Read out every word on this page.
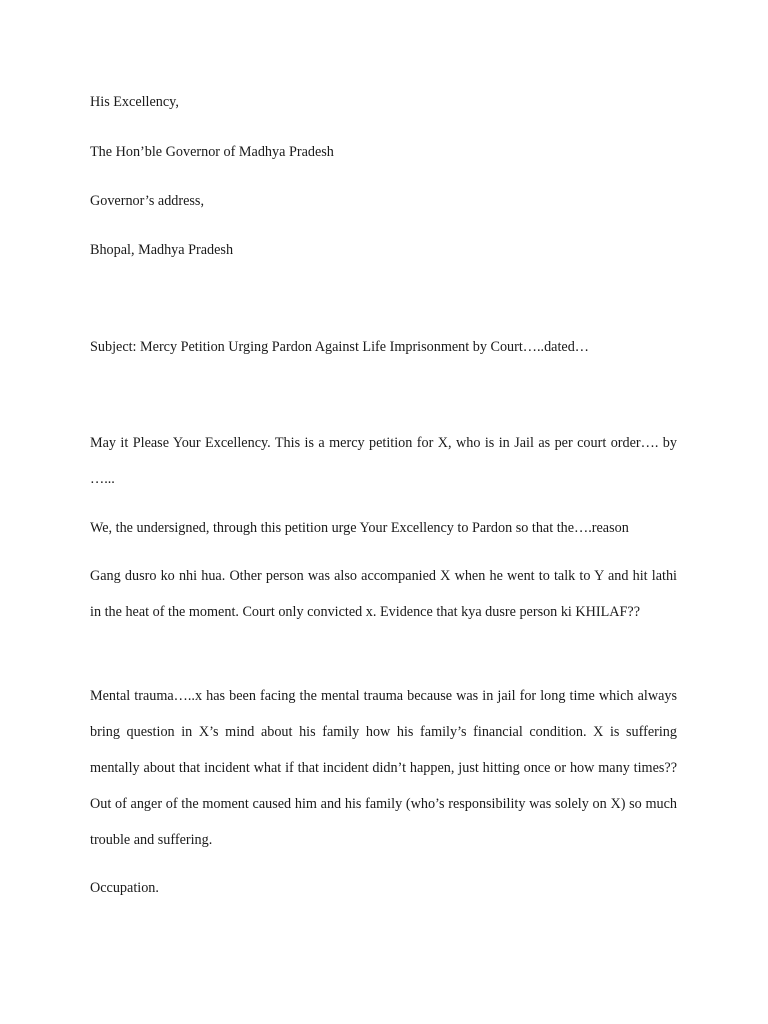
His Excellency,

The Hon’ble Governor of Madhya Pradesh

Governor’s address,

Bhopal, Madhya Pradesh

Subject: Mercy Petition Urging Pardon Against Life Imprisonment by Court…..dated…

May it Please Your Excellency. This is a mercy petition for X, who is in Jail as per court order…. by …...

We, the undersigned, through this petition urge Your Excellency to Pardon so that the….reason

Gang dusro ko nhi hua. Other person was also accompanied X when he went to talk to Y and hit lathi in the heat of the moment. Court only convicted x. Evidence that kya dusre person ki KHILAF??

Mental trauma…..x has been facing the mental trauma because was in jail for long time which always bring question in X’s mind about his family how his family’s financial condition. X is suffering mentally about that incident what if that incident didn’t happen, just hitting once or how many times?? Out of anger of the moment caused him and his family (who’s responsibility was solely on X) so much trouble and suffering.

Occupation.
